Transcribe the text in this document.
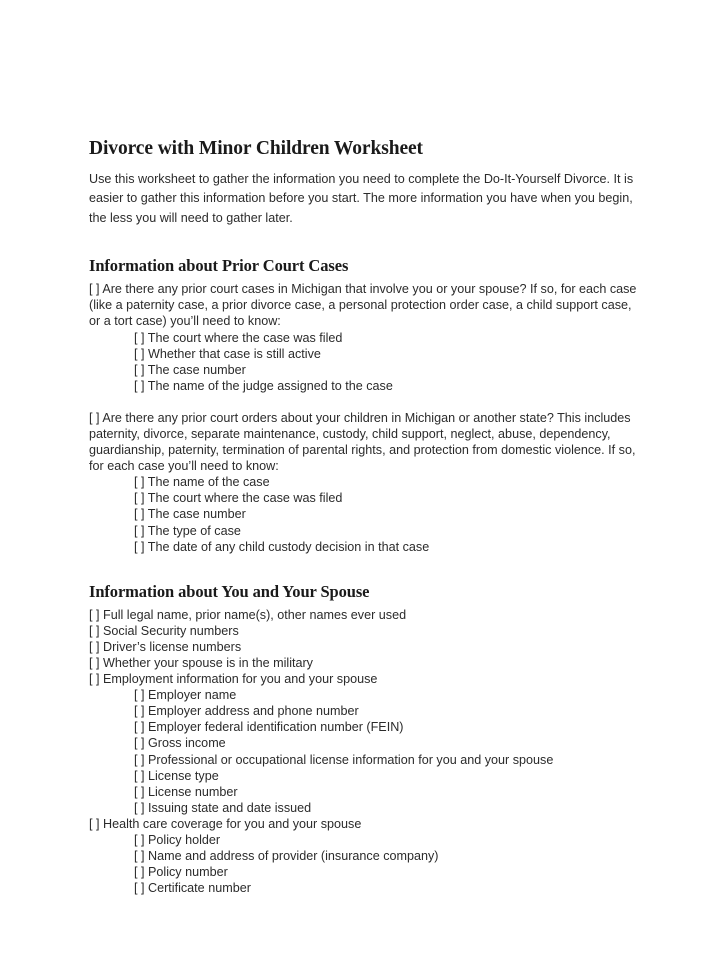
Divorce with Minor Children Worksheet

Use this worksheet to gather the information you need to complete the Do-It-Yourself Divorce. It is easier to gather this information before you start. The more information you have when you begin, the less you will need to gather later.

Information about Prior Court Cases

[ ] Are there any prior court cases in Michigan that involve you or your spouse? If so, for each case (like a paternity case, a prior divorce case, a personal protection order case, a child support case, or a tort case) you’ll need to know:

[ ] The court where the case was filed
[ ] Whether that case is still active
[ ] The case number
[ ] The name of the judge assigned to the case

[ ] Are there any prior court orders about your children in Michigan or another state? This includes paternity, divorce, separate maintenance, custody, child support, neglect, abuse, dependency, guardianship, paternity, termination of parental rights, and protection from domestic violence. If so, for each case you’ll need to know:

[ ] The name of the case
[ ] The court where the case was filed
[ ] The case number
[ ] The type of case
[ ] The date of any child custody decision in that case
Information about You and Your Spouse
[ ] Full legal name, prior name(s), other names ever used
[ ] Social Security numbers
[ ] Driver’s license numbers
[ ] Whether your spouse is in the military
[ ] Employment information for you and your spouse
[ ] Employer name
[ ] Employer address and phone number
[ ] Employer federal identification number (FEIN)
[ ] Gross income
[ ] Professional or occupational license information for you and your spouse
[ ] License type
[ ] License number
[ ] Issuing state and date issued
[ ] Health care coverage for you and your spouse
[ ] Policy holder
[ ] Name and address of provider (insurance company)
[ ] Policy number
[ ] Certificate number
